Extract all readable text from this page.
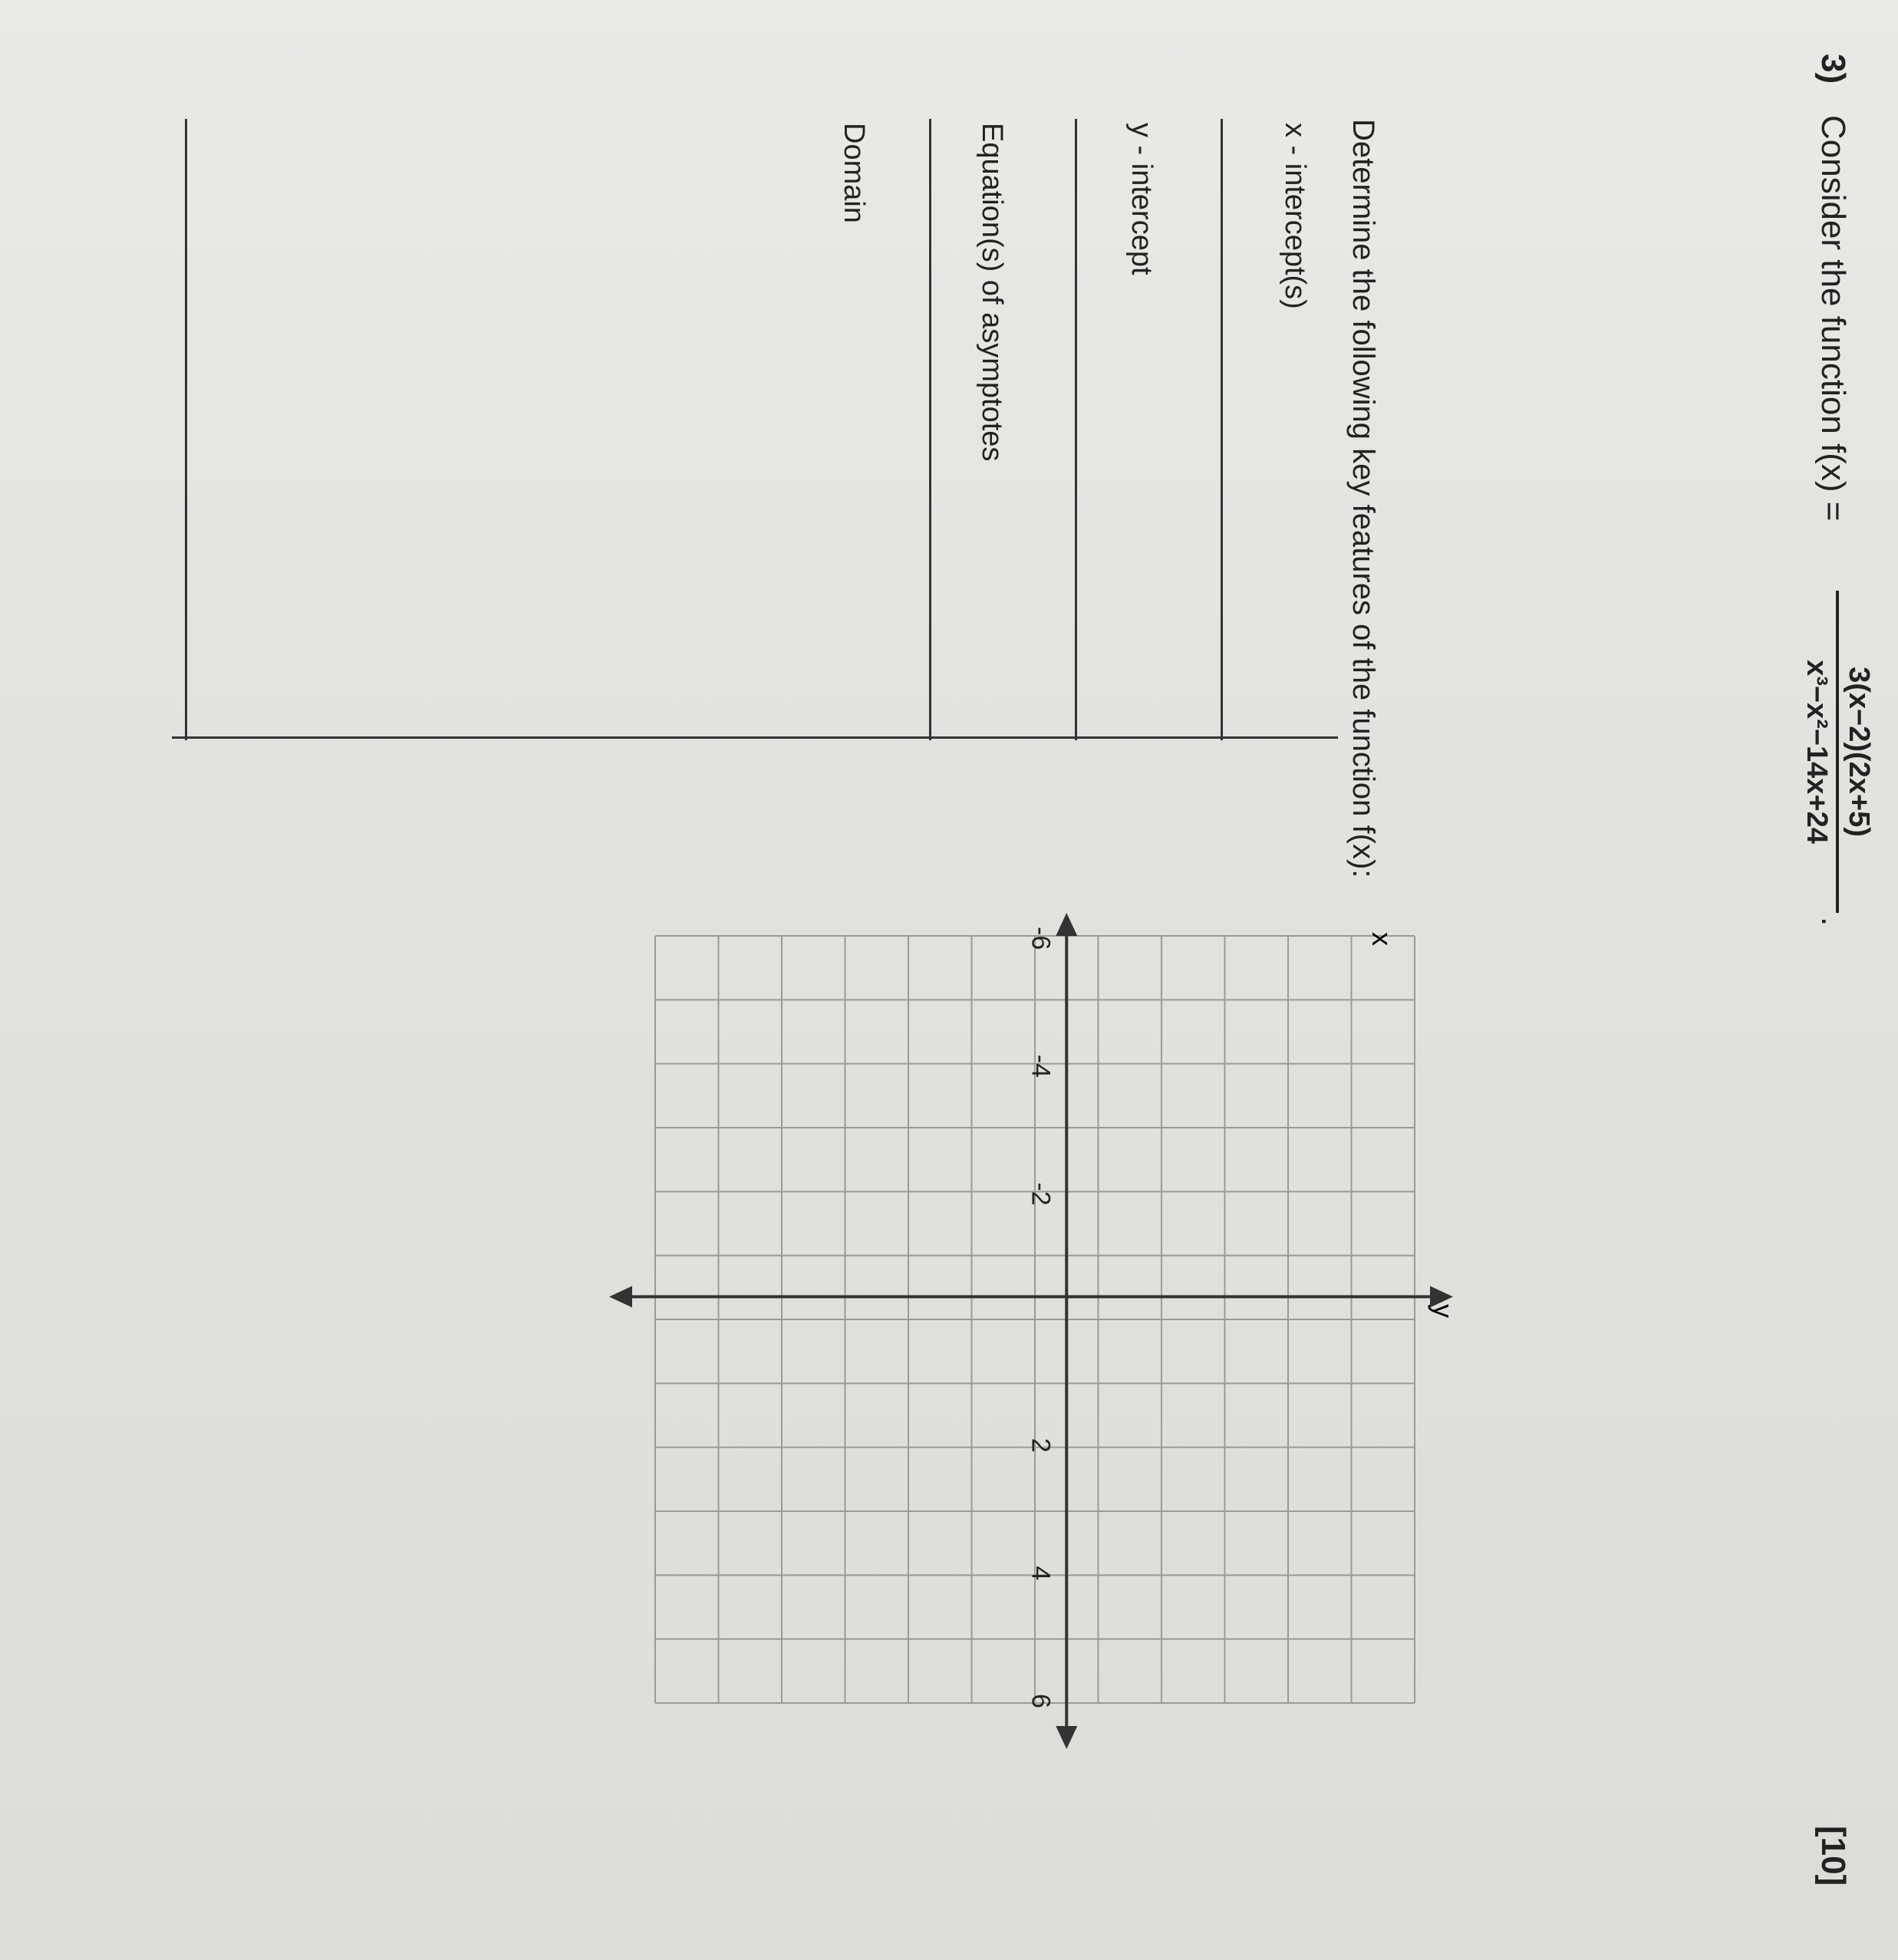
3)
Consider the function f(x) =
3(x−2)(2x+5)
x³−x²−14x+24
.
[10]
Determine the following key features of the function f(x):
x - intercept(s)
y - intercept
Equation(s) of asymptotes
Domain
-6
-4
-2
2
4
6
x
y
